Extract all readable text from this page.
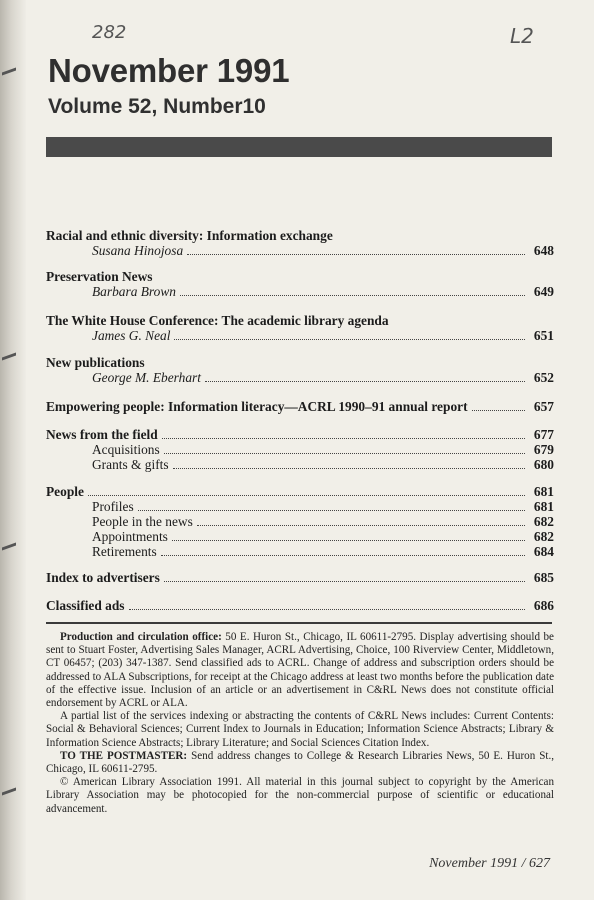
282	L2
November 1991
Volume 52, Number10
Racial and ethnic diversity: Information exchange
Susana Hinojosa	648
Preservation News
Barbara Brown	649
The White House Conference: The academic library agenda
James G. Neal	651
New publications
George M. Eberhart	652
Empowering people: Information literacy—ACRL 1990–91 annual report	657
News from the field	677
Acquisitions	679
Grants & gifts	680
People	681
Profiles	681
People in the news	682
Appointments	682
Retirements	684
Index to advertisers	685
Classified ads	686

Production and circulation office: 50 E. Huron St., Chicago, IL 60611-2795. Display advertising should be sent to Stuart Foster, Advertising Sales Manager, ACRL Advertising, Choice, 100 Riverview Center, Middletown, CT 06457; (203) 347-1387. Send classified ads to ACRL. Change of address and subscription orders should be addressed to ALA Subscriptions, for receipt at the Chicago address at least two months before the publication date of the effective issue. Inclusion of an article or an advertisement in C&RL News does not constitute official endorsement by ACRL or ALA.

A partial list of the services indexing or abstracting the contents of C&RL News includes: Current Contents: Social & Behavioral Sciences; Current Index to Journals in Education; Information Science Abstracts; Library & Information Science Abstracts; Library Literature; and Social Sciences Citation Index.

TO THE POSTMASTER: Send address changes to College & Research Libraries News, 50 E. Huron St., Chicago, IL 60611-2795.

© American Library Association 1991. All material in this journal subject to copyright by the American Library Association may be photocopied for the non-commercial purpose of scientific or educational advancement.

November 1991 / 627
